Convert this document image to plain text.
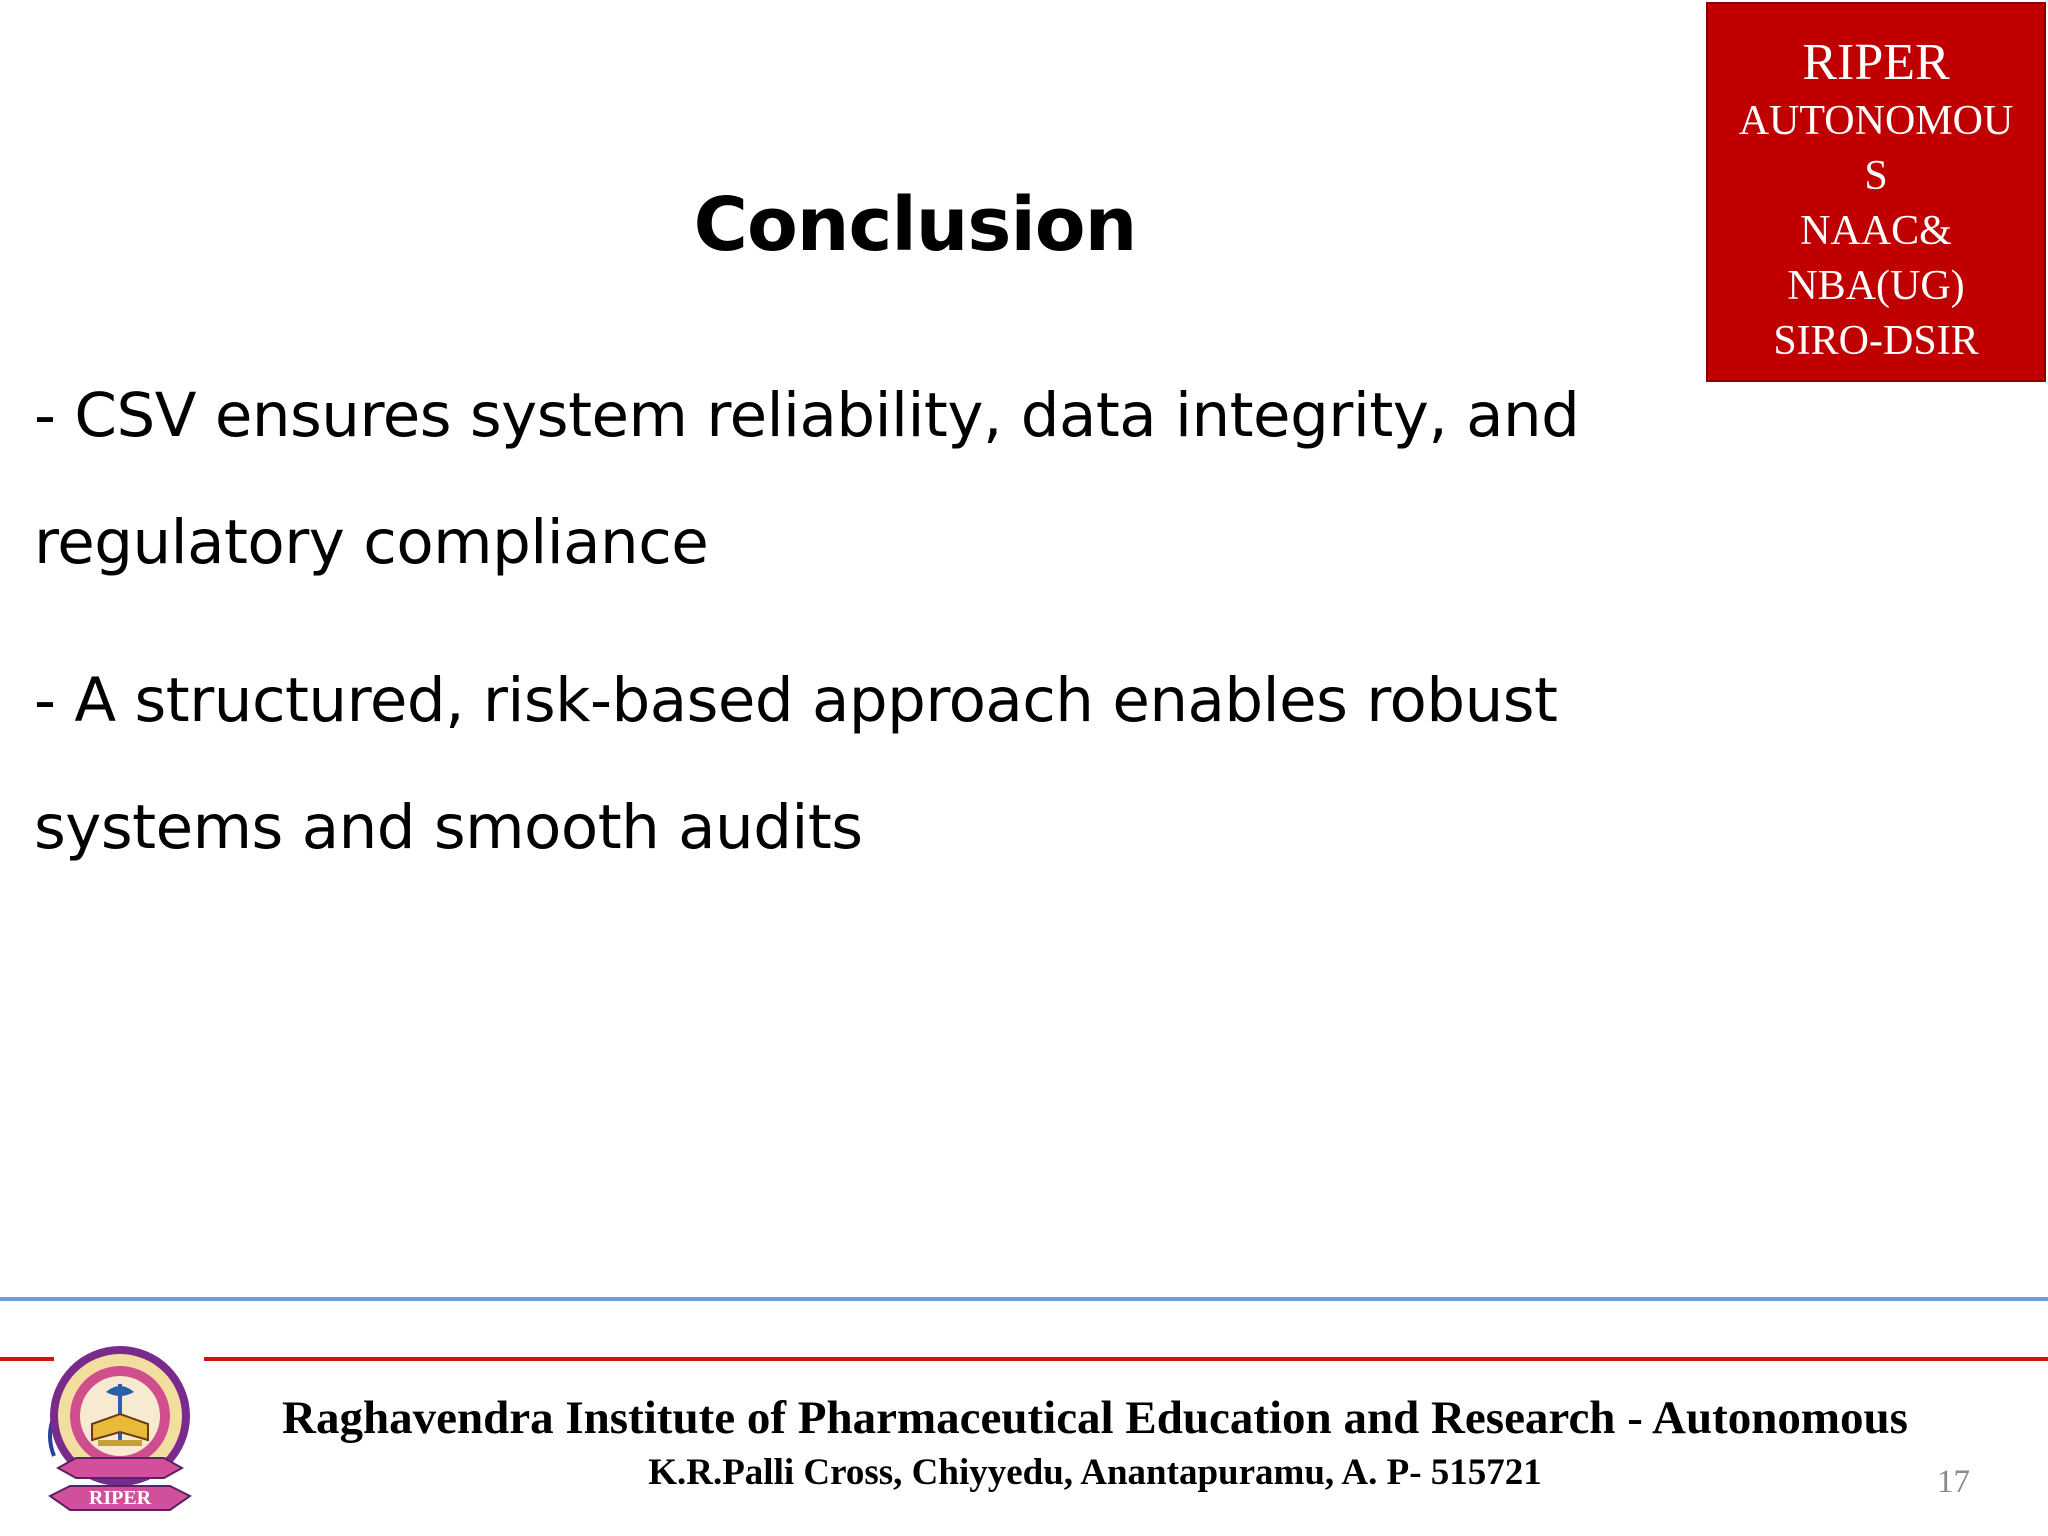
RIPER
AUTONOMOU
S
NAAC&
NBA(UG)
SIRO-DSIR
Conclusion

- CSV ensures system reliability, data integrity, and
regulatory compliance

- A structured, risk-based approach enables robust
systems and smooth audits

RIPER
Raghavendra Institute of Pharmaceutical Education and Research - Autonomous
K.R.Palli Cross, Chiyyedu, Anantapuramu, A. P- 515721	17
